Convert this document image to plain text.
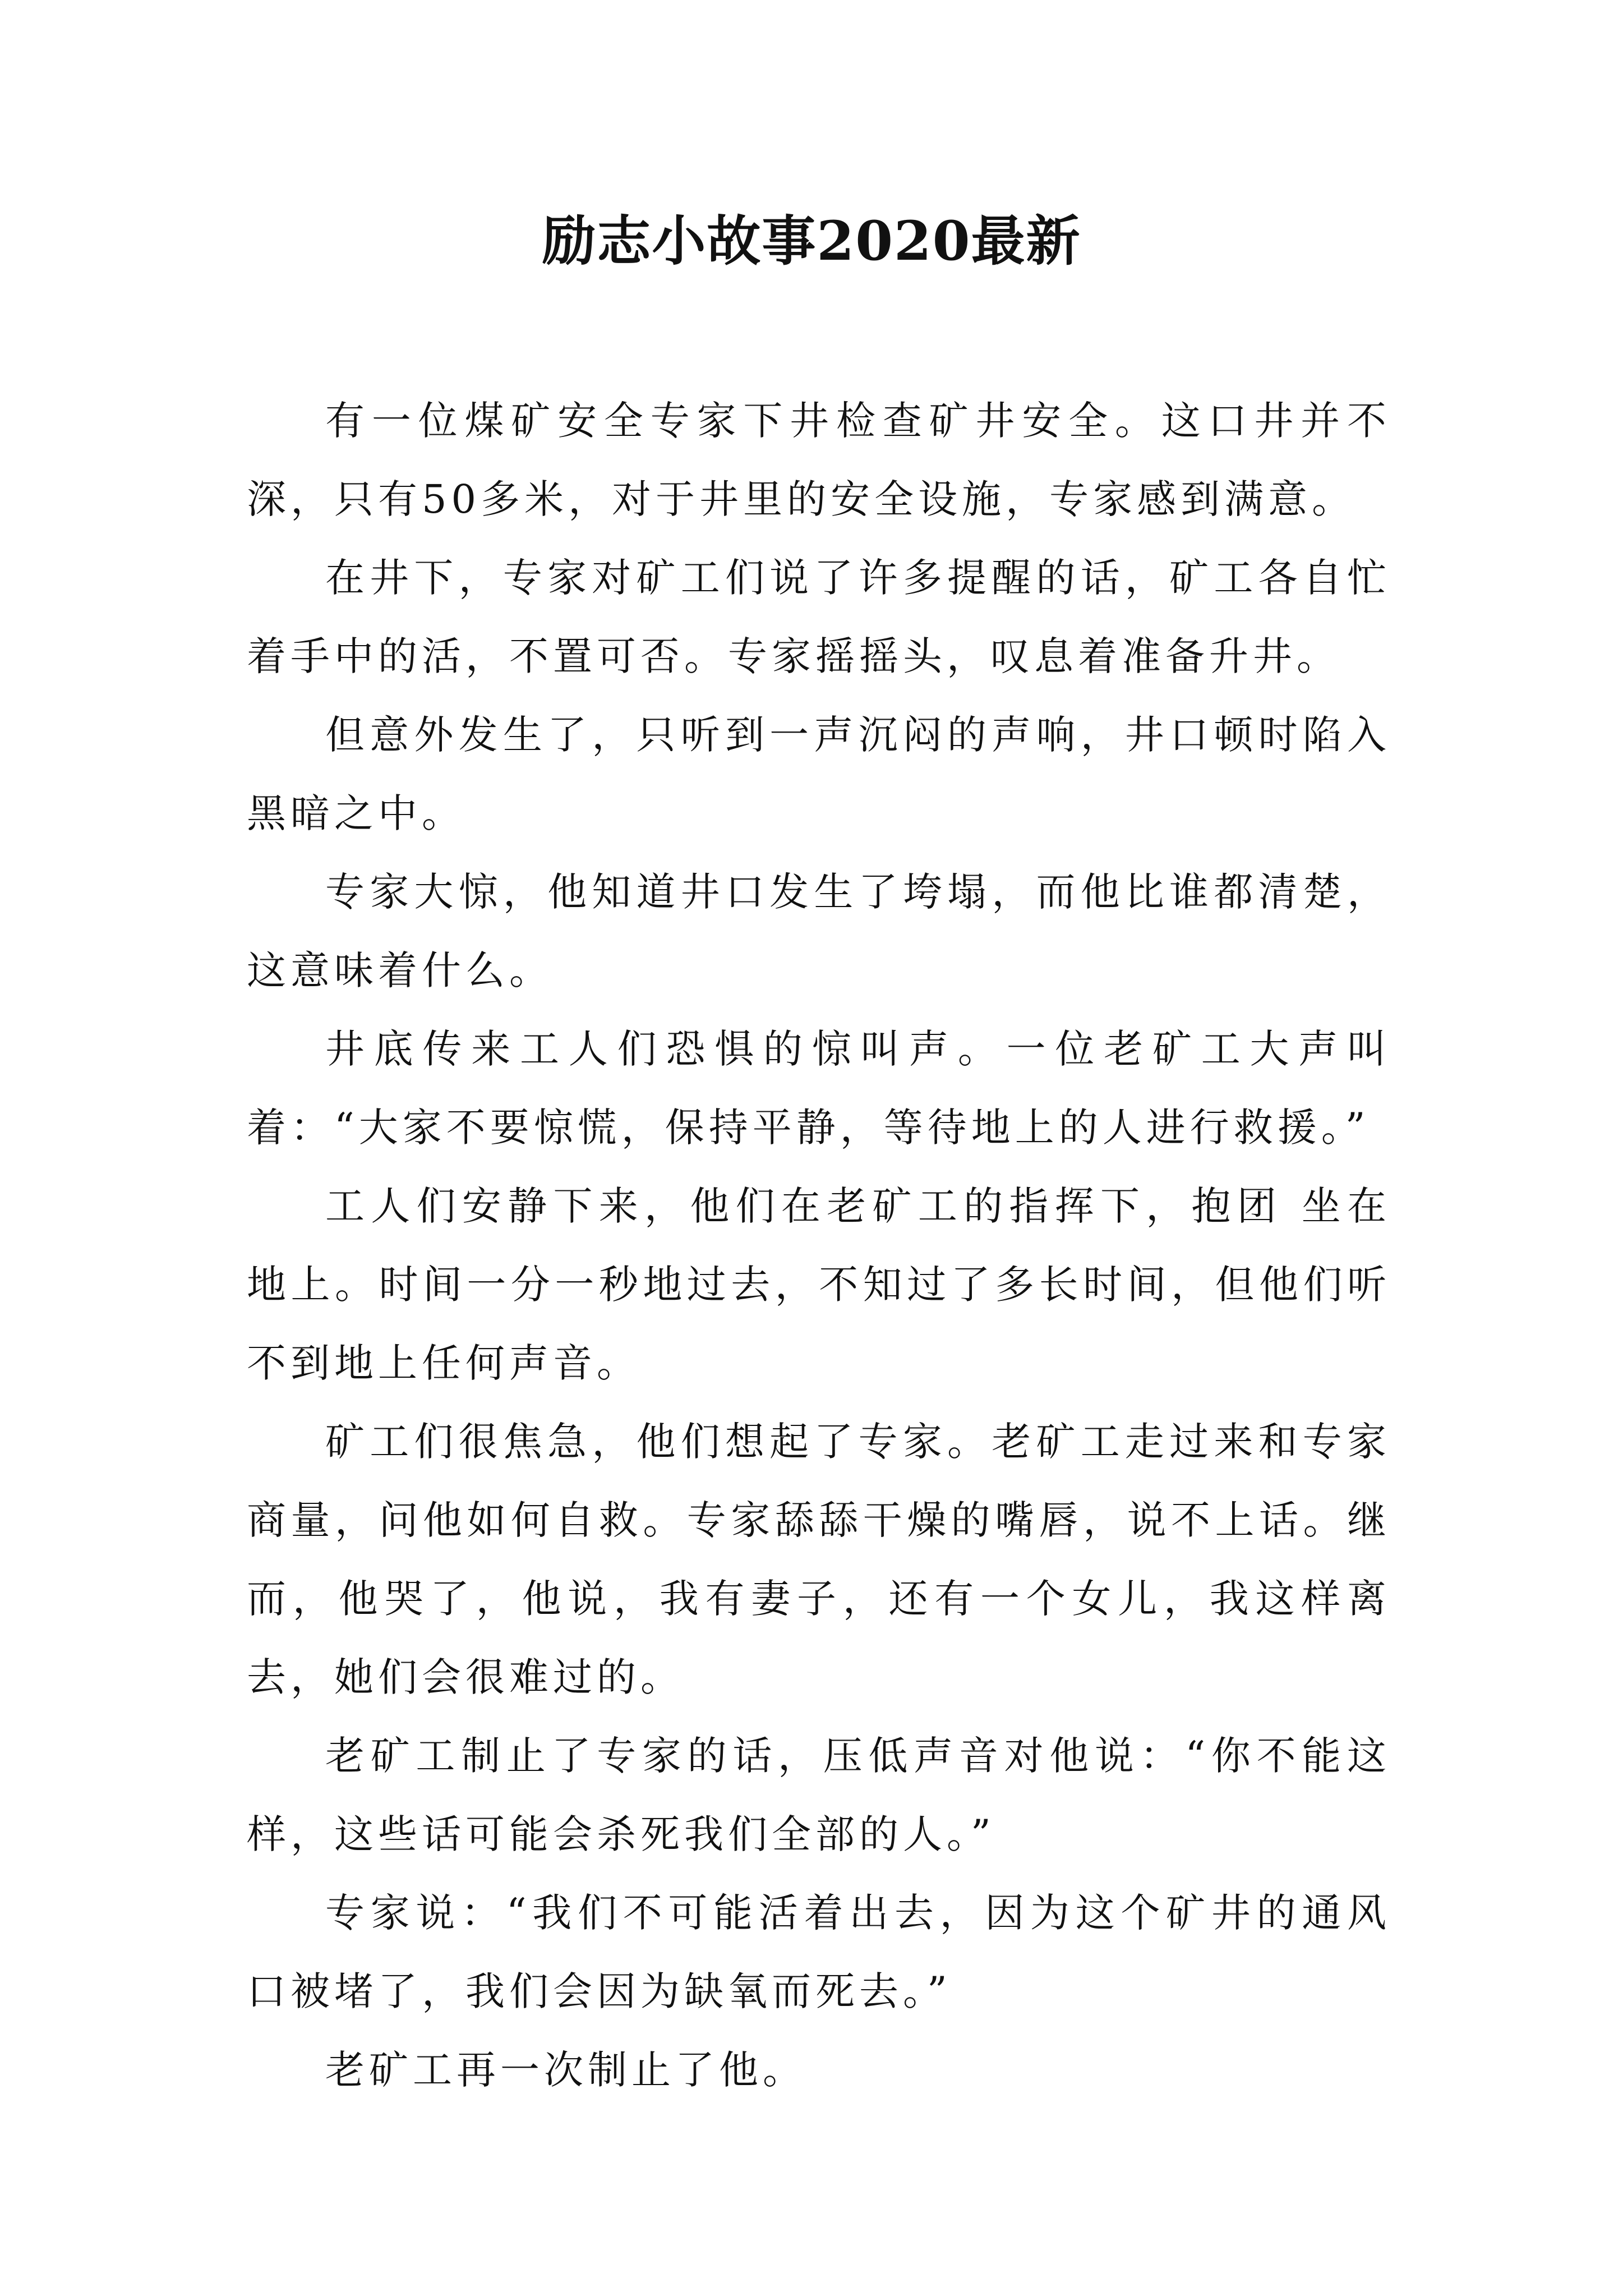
励志小故事2020最新

有一位煤矿安全专家下井检查矿井安全。这口井并不深，只有50多米，对于井里的安全设施，专家感到满意。

在井下，专家对矿工们说了许多提醒的话，矿工各自忙着手中的活，不置可否。专家摇摇头，叹息着准备升井。

但意外发生了，只听到一声沉闷的声响，井口顿时陷入黑暗之中。

专家大惊，他知道井口发生了垮塌，而他比谁都清楚，这意味着什么。

井底传来工人们恐惧的惊叫声。一位老矿工大声叫着：“大家不要惊慌，保持平静，等待地上的人进行救援。”

工人们安静下来，他们在老矿工的指挥下，抱团 坐在地上。时间一分一秒地过去，不知过了多长时间，但他们听不到地上任何声音。

矿工们很焦急，他们想起了专家。老矿工走过来和专家商量，问他如何自救。专家舔舔干燥的嘴唇，说不上话。继而，他哭了，他说，我有妻子，还有一个女儿，我这样离去，她们会很难过的。

老矿工制止了专家的话，压低声音对他说：“你不能这样，这些话可能会杀死我们全部的人。”

专家说：“我们不可能活着出去，因为这个矿井的通风口被堵了，我们会因为缺氧而死去。”

老矿工再一次制止了他。
